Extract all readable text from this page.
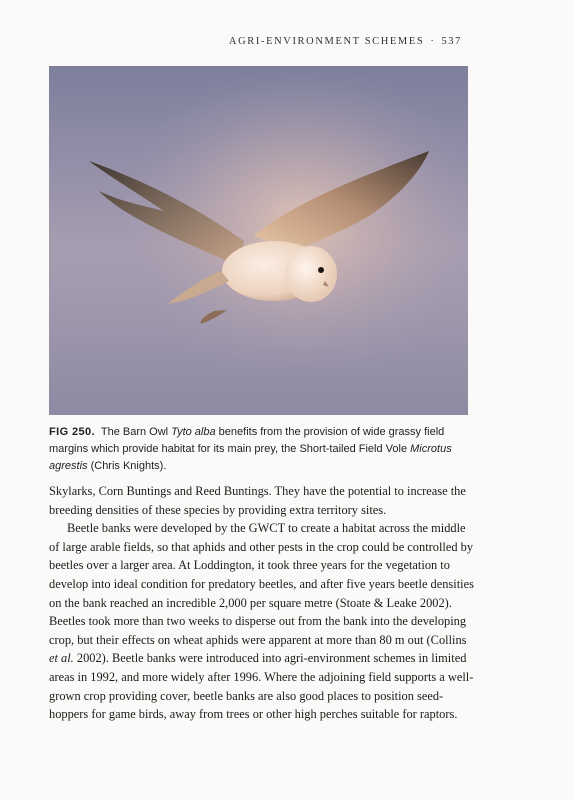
AGRI-ENVIRONMENT SCHEMES · 537
FIG 250. The Barn Owl Tyto alba benefits from the provision of wide grassy field margins which provide habitat for its main prey, the Short-tailed Field Vole Microtus agrestis (Chris Knights).

Skylarks, Corn Buntings and Reed Buntings. They have the potential to increase the breeding densities of these species by providing extra territory sites.

Beetle banks were developed by the GWCT to create a habitat across the middle of large arable fields, so that aphids and other pests in the crop could be controlled by beetles over a larger area. At Loddington, it took three years for the vegetation to develop into ideal condition for predatory beetles, and after five years beetle densities on the bank reached an incredible 2,000 per square metre (Stoate & Leake 2002). Beetles took more than two weeks to disperse out from the bank into the developing crop, but their effects on wheat aphids were apparent at more than 80 m out (Collins et al. 2002). Beetle banks were introduced into agri-environment schemes in limited areas in 1992, and more widely after 1996. Where the adjoining field supports a well-grown crop providing cover, beetle banks are also good places to position seed-hoppers for game birds, away from trees or other high perches suitable for raptors.
